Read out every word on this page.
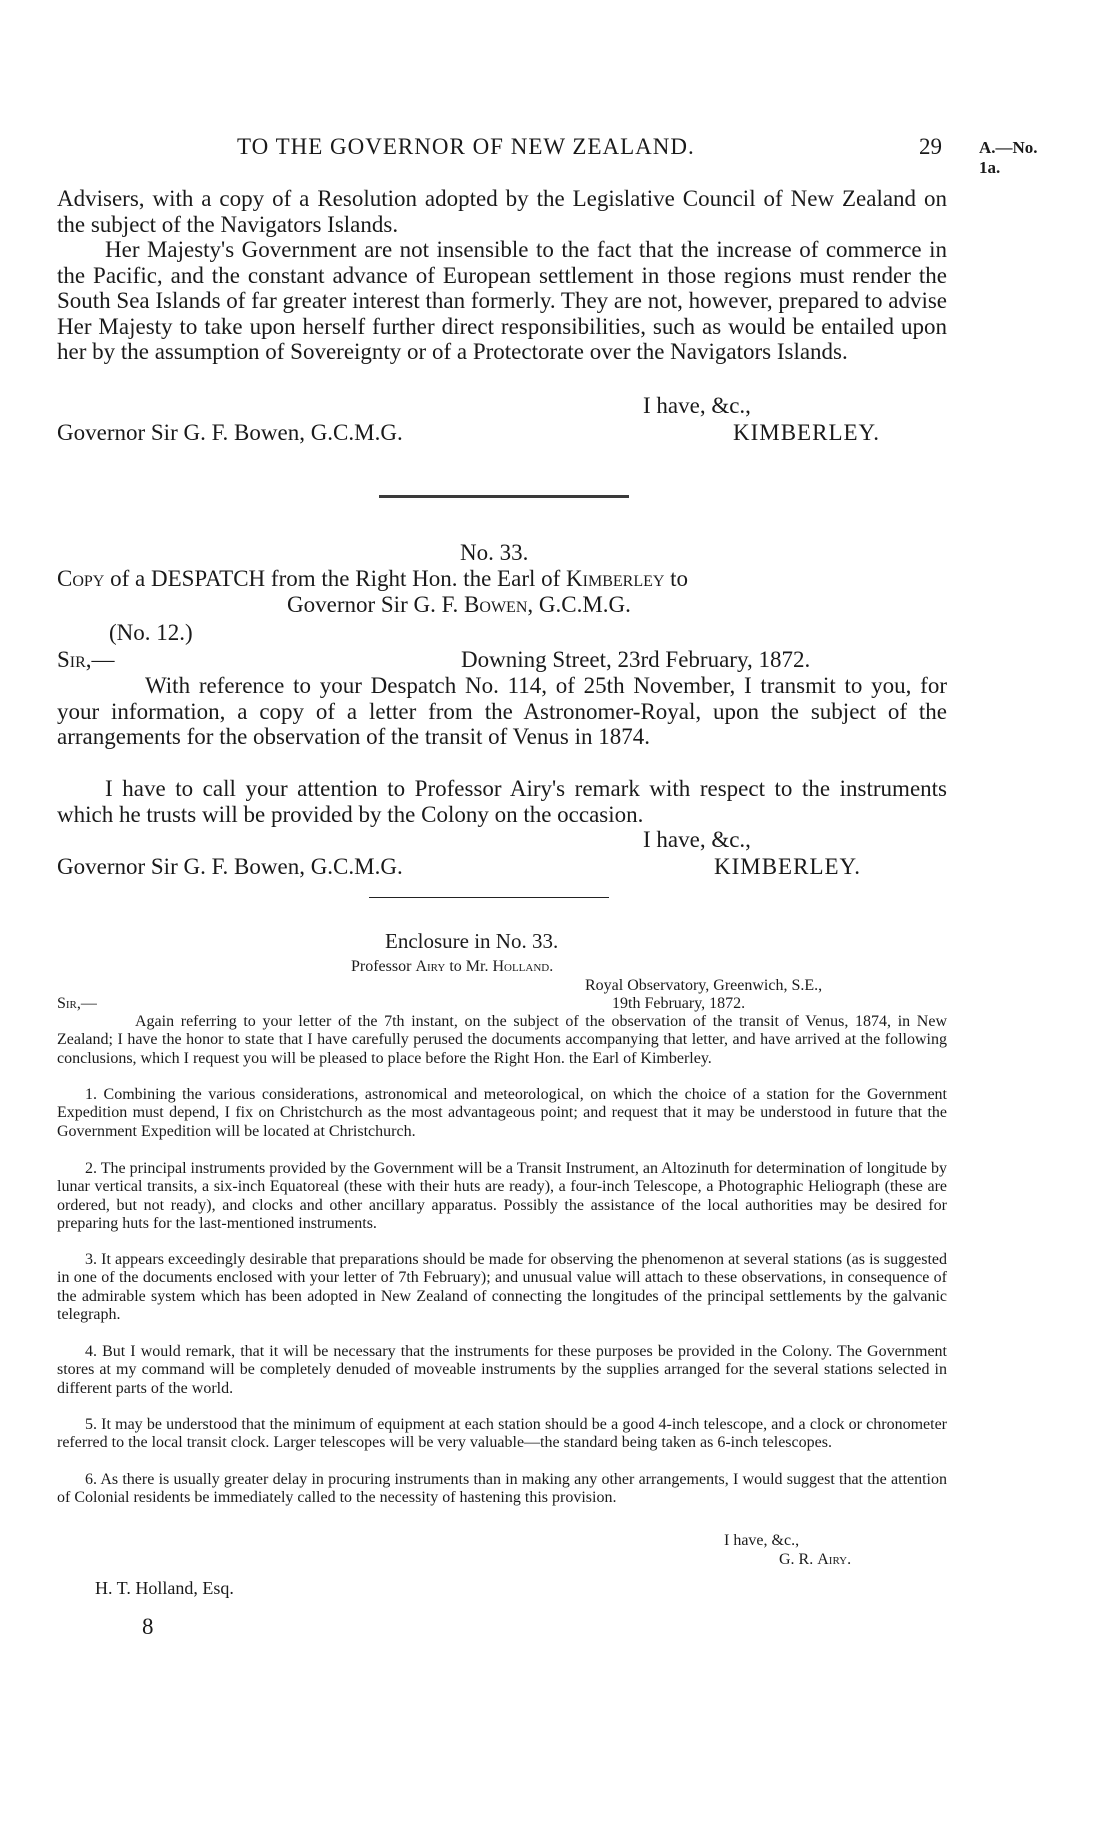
TO THE GOVERNOR OF NEW ZEALAND.	29 A.—No. 1a.

Advisers, with a copy of a Resolution adopted by the Legislative Council of New Zealand on the subject of the Navigators Islands.

Her Majesty's Government are not insensible to the fact that the increase of commerce in the Pacific, and the constant advance of European settlement in those regions must render the South Sea Islands of far greater interest than formerly. They are not, however, prepared to advise Her Majesty to take upon herself further direct responsibilities, such as would be entailed upon her by the assumption of Sovereignty or of a Protectorate over the Navigators Islands.

I have, &c.,
Governor Sir G. F. Bowen, G.C.M.G.	KIMBERLEY.
No. 33.
Copy of a DESPATCH from the Right Hon. the Earl of Kimberley to
Governor Sir G. F. Bowen, G.C.M.G.
(No. 12.)
Sir,—	Downing Street, 23rd February, 1872.

With reference to your Despatch No. 114, of 25th November, I transmit to you, for your information, a copy of a letter from the Astronomer-Royal, upon the subject of the arrangements for the observation of the transit of Venus in 1874.

I have to call your attention to Professor Airy's remark with respect to the instruments which he trusts will be provided by the Colony on the occasion.

I have, &c.,
Governor Sir G. F. Bowen, G.C.M.G.	KIMBERLEY.
Enclosure in No. 33.
Professor Airy to Mr. Holland.
Royal Observatory, Greenwich, S.E.,
Sir,—	19th February, 1872.

Again referring to your letter of the 7th instant, on the subject of the observation of the transit of Venus, 1874, in New Zealand; I have the honor to state that I have carefully perused the documents accompanying that letter, and have arrived at the following conclusions, which I request you will be pleased to place before the Right Hon. the Earl of Kimberley.

1. Combining the various considerations, astronomical and meteorological, on which the choice of a station for the Government Expedition must depend, I fix on Christchurch as the most advantageous point; and request that it may be understood in future that the Government Expedition will be located at Christchurch.

2. The principal instruments provided by the Government will be a Transit Instrument, an Altozinuth for determination of longitude by lunar vertical transits, a six-inch Equatoreal (these with their huts are ready), a four-inch Telescope, a Photographic Heliograph (these are ordered, but not ready), and clocks and other ancillary apparatus. Possibly the assistance of the local authorities may be desired for preparing huts for the last-mentioned instruments.

3. It appears exceedingly desirable that preparations should be made for observing the phenomenon at several stations (as is suggested in one of the documents enclosed with your letter of 7th February); and unusual value will attach to these observations, in consequence of the admirable system which has been adopted in New Zealand of connecting the longitudes of the principal settlements by the galvanic telegraph.

4. But I would remark, that it will be necessary that the instruments for these purposes be provided in the Colony. The Government stores at my command will be completely denuded of moveable instruments by the supplies arranged for the several stations selected in different parts of the world.

5. It may be understood that the minimum of equipment at each station should be a good 4-inch telescope, and a clock or chronometer referred to the local transit clock. Larger telescopes will be very valuable—the standard being taken as 6-inch telescopes.

6. As there is usually greater delay in procuring instruments than in making any other arrangements, I would suggest that the attention of Colonial residents be immediately called to the necessity of hastening this provision.

I have, &c.,
G. R. Airy.
H. T. Holland, Esq.
8
